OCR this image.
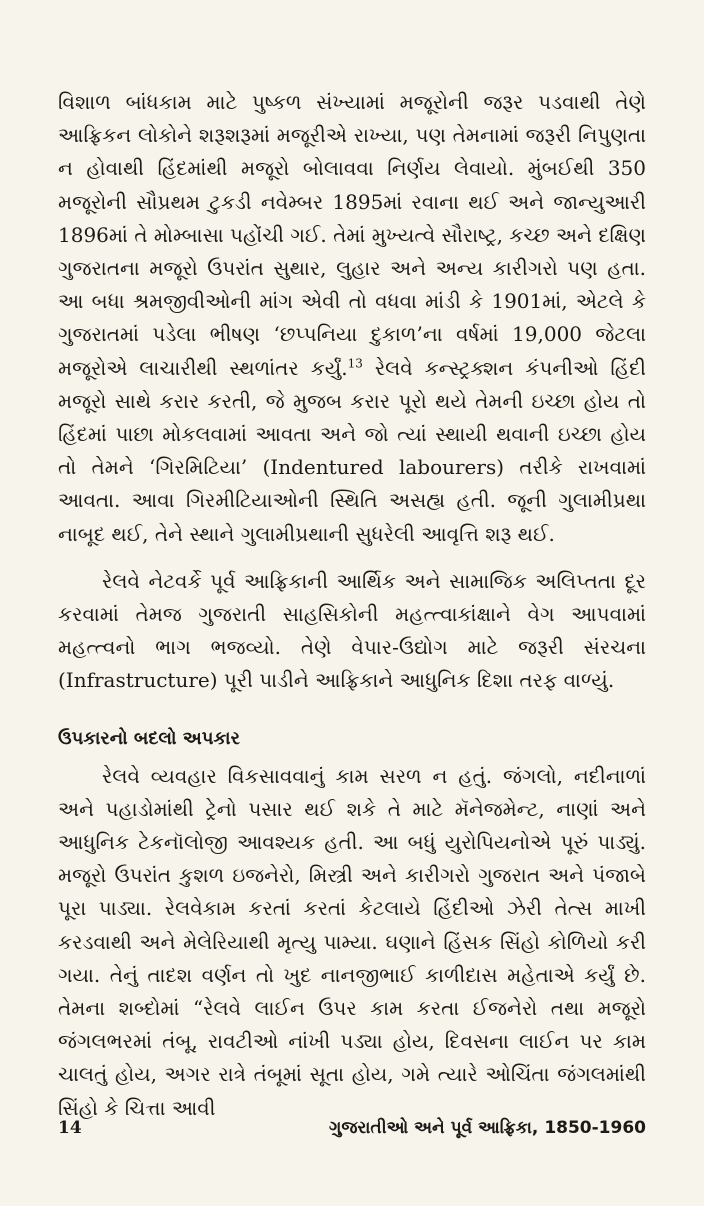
વિશાળ બાંધકામ માટે પુષ્કળ સંખ્યામાં મજૂરોની જરૂર પડવાથી તેણે આફ્રિકન લોકોને શરૂશરૂમાં મજૂરીએ રાખ્યા, પણ તેમનામાં જરૂરી નિપુણતા ન હોવાથી હિંદમાંથી મજૂરો બોલાવવા નિર્ણય લેવાયો. મુંબઈથી 350 મજૂરોની સૌપ્રથમ ટુકડી નવેમ્બર 1895માં રવાના થઈ અને જાન્યુઆરી 1896માં તે મોમ્બાસા પહોંચી ગઈ. તેમાં મુખ્યત્વે સૌરાષ્ટ્ર, કચ્છ અને દક્ષિણ ગુજરાતના મજૂરો ઉપરાંત સુથાર, લુહાર અને અન્ય કારીગરો પણ હતા. આ બધા શ્રમજીવીઓની માંગ એવી તો વધવા માંડી કે 1901માં, એટલે કે ગુજરાતમાં પડેલા ભીષણ ‘છપ્પનિયા દુકાળ’ના વર્ષમાં 19,000 જેટલા મજૂરોએ લાચારીથી સ્થળાંતર કર્યું.$^{13}$ રેલવે કન્સ્ટ્રક્શન કંપનીઓ હિંદી મજૂરો સાથે કરાર કરતી, જે મુજબ કરાર પૂરો થયે તેમની ઇચ્છા હોય તો હિંદમાં પાછા મોકલવામાં આવતા અને જો ત્યાં સ્થાયી થવાની ઇચ્છા હોય તો તેમને ‘ગિરમિટિયા’ (Indentured labourers) તરીકે રાખવામાં આવતા. આવા ગિરમીટિયાઓની સ્થિતિ અસહ્ય હતી. જૂની ગુલામીપ્રથા નાબૂદ થઈ, તેને સ્થાને ગુલામીપ્રથાની સુધરેલી આવૃત્તિ શરૂ થઈ.

રેલવે નેટવર્કે પૂર્વ આફ્રિકાની આર્થિક અને સામાજિક અલિપ્તતા દૂર કરવામાં તેમજ ગુજરાતી સાહસિકોની મહત્ત્વાકાંક્ષાને વેગ આપવામાં મહત્ત્વનો ભાગ ભજવ્યો. તેણે વેપાર-ઉદ્યોગ માટે જરૂરી સંરચના (Infrastructure) પૂરી પાડીને આફ્રિકાને આધુનિક દિશા તરફ વાળ્યું.

ઉપકારનો બદલો અપકાર

રેલવે વ્યવહાર વિકસાવવાનું કામ સરળ ન હતું. જંગલો, નદીનાળાં અને પહાડોમાંથી ટ્રેનો પસાર થઈ શકે તે માટે મૅનેજમેન્ટ, નાણાં અને આધુનિક ટેકનૉલોજી આવશ્યક હતી. આ બધું યુરોપિયનોએ પૂરું પાડ્યું. મજૂરો ઉપરાંત કુશળ ઇજનેરો, મિસ્ત્રી અને કારીગરો ગુજરાત અને પંજાબે પૂરા પાડ્યા. રેલવેકામ કરતાં કરતાં કેટલાયે હિંદીઓ ઝેરી તેત્સ માખી કરડવાથી અને મેલેરિયાથી મૃત્યુ પામ્યા. ઘણાને હિંસક સિંહો કોળિયો કરી ગયા. તેનું તાદશ વર્ણન તો ખુદ નાનજીભાઈ કાળીદાસ મહેતાએ કર્યું છે. તેમના શબ્દોમાં “રેલવે લાઈન ઉપર કામ કરતા ઈજનેરો તથા મજૂરો જંગલભરમાં તંબૂ, રાવટીઓ નાંખી પડ્યા હોય, દિવસના લાઈન પર કામ ચાલતું હોય, અગર રાત્રે તંબૂમાં સૂતા હોય, ગમે ત્યારે ઓચિંતા જંગલમાંથી સિંહો કે ચિત્તા આવી

14	ગુજરાતીઓ અને પૂર્વ આફ્રિકા, 1850-1960
